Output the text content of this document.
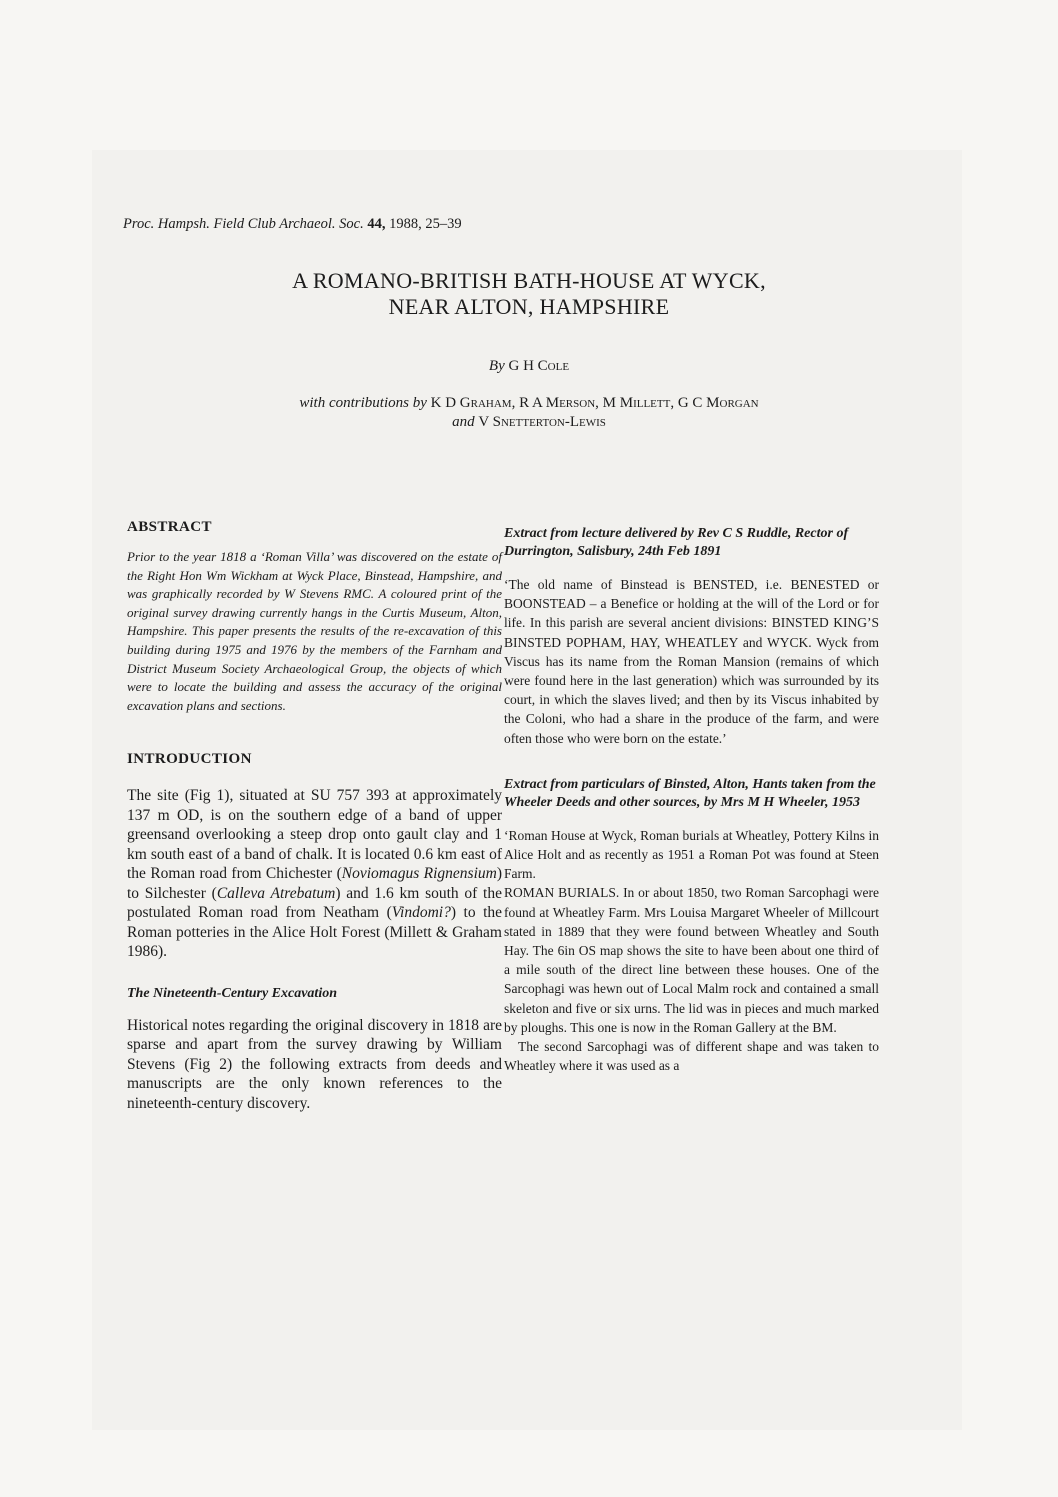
Proc. Hampsh. Field Club Archaeol. Soc. 44, 1988, 25–39
A ROMANO-BRITISH BATH-HOUSE AT WYCK,
NEAR ALTON, HAMPSHIRE
By G H Cole
with contributions by K D Graham, R A Merson, M Millett, G C Morgan
and V Snetterton-Lewis
ABSTRACT

Prior to the year 1818 a ‘Roman Villa’ was discovered on the estate of the Right Hon Wm Wickham at Wyck Place, Binstead, Hampshire, and was graphically recorded by W Stevens RMC. A coloured print of the original survey drawing currently hangs in the Curtis Museum, Alton, Hampshire. This paper presents the results of the re-excavation of this building during 1975 and 1976 by the members of the Farnham and District Museum Society Archaeological Group, the objects of which were to locate the building and assess the accuracy of the original excavation plans and sections.

INTRODUCTION

The site (Fig 1), situated at SU 757 393 at approximately 137 m OD, is on the southern edge of a band of upper greensand overlooking a steep drop onto gault clay and 1 km south east of a band of chalk. It is located 0.6 km east of the Roman road from Chichester (Noviomagus Rignensium) to Silchester (Calleva Atrebatum) and 1.6 km south of the postulated Roman road from Neatham (Vindomi?) to the Roman potteries in the Alice Holt Forest (Millett & Graham 1986).

The Nineteenth-Century Excavation

Historical notes regarding the original discovery in 1818 are sparse and apart from the survey drawing by William Stevens (Fig 2) the following extracts from deeds and manuscripts are the only known references to the nineteenth-century discovery.

Extract from lecture delivered by Rev C S Ruddle, Rector of Durrington, Salisbury, 24th Feb 1891

‘The old name of Binstead is BENSTED, i.e. BENESTED or BOONSTEAD – a Benefice or holding at the will of the Lord or for life. In this parish are several ancient divisions: BINSTED KING’S BINSTED POPHAM, HAY, WHEATLEY and WYCK. Wyck from Viscus has its name from the Roman Mansion (remains of which were found here in the last generation) which was surrounded by its court, in which the slaves lived; and then by its Viscus inhabited by the Coloni, who had a share in the produce of the farm, and were often those who were born on the estate.’

Extract from particulars of Binsted, Alton, Hants taken from the Wheeler Deeds and other sources, by Mrs M H Wheeler, 1953

‘Roman House at Wyck, Roman burials at Wheatley, Pottery Kilns in Alice Holt and as recently as 1951 a Roman Pot was found at Steen Farm.

ROMAN BURIALS. In or about 1850, two Roman Sarcophagi were found at Wheatley Farm. Mrs Louisa Margaret Wheeler of Millcourt stated in 1889 that they were found between Wheatley and South Hay. The 6in OS map shows the site to have been about one third of a mile south of the direct line between these houses. One of the Sarcophagi was hewn out of Local Malm rock and contained a small skeleton and five or six urns. The lid was in pieces and much marked by ploughs. This one is now in the Roman Gallery at the BM.

The second Sarcophagi was of different shape and was taken to Wheatley where it was used as a
